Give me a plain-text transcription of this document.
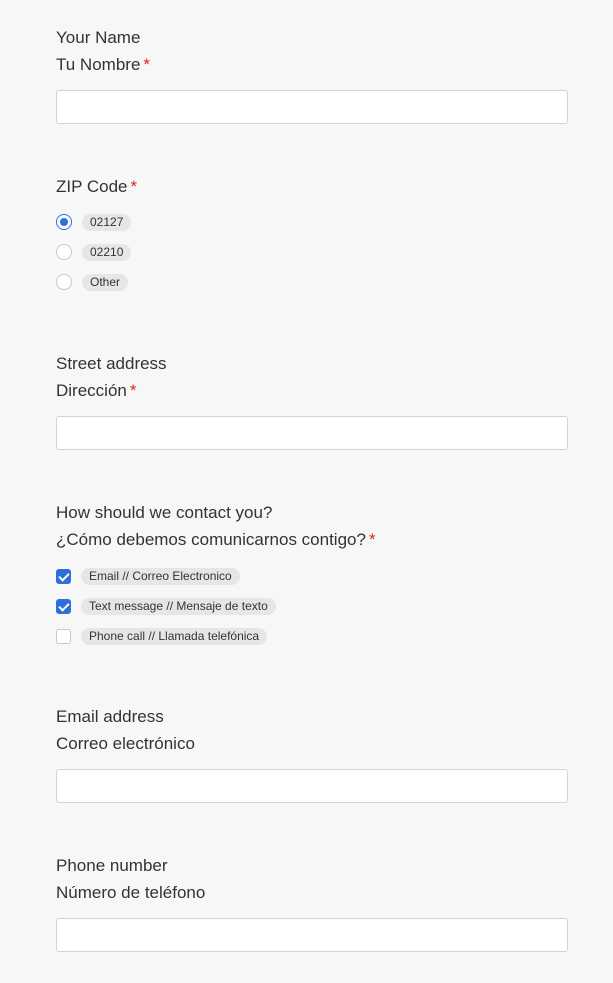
Your Name
Tu Nombre *
ZIP Code *
02127
02210
Other
Street address
Dirección *
How should we contact you?
¿Cómo debemos comunicarnos contigo? *
Email // Correo Electronico
Text message // Mensaje de texto
Phone call // Llamada telefónica
Email address
Correo electrónico
Phone number
Número de teléfono
